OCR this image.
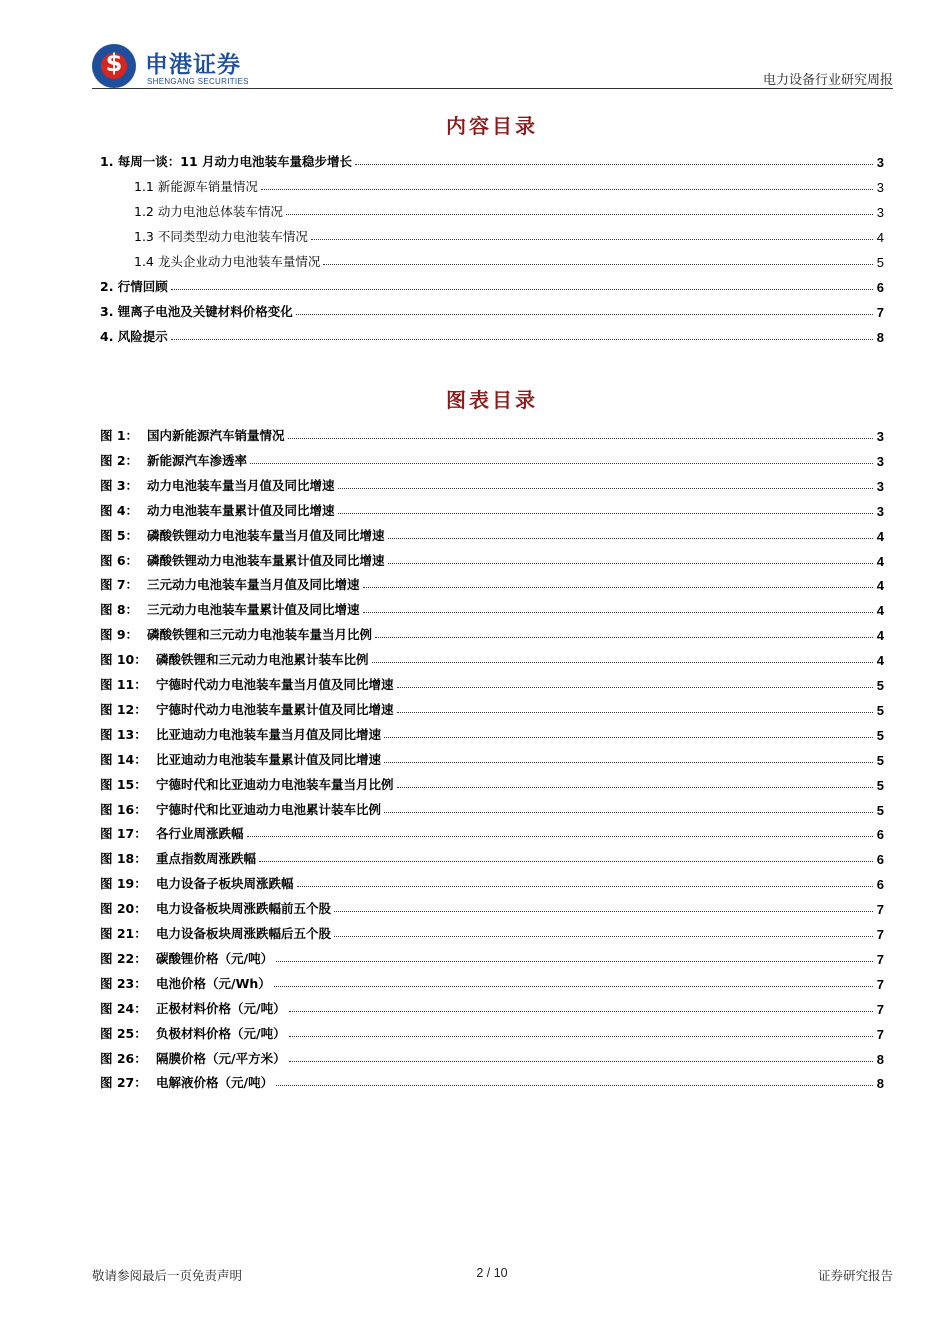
$ 申港证券
SHENGANG SECURITIES	电力设备行业研究周报
内容目录
1. 每周一谈：11 月动力电池装车量稳步增长	3
1.1 新能源车销量情况	3
1.2 动力电池总体装车情况	3
1.3 不同类型动力电池装车情况	4
1.4 龙头企业动力电池装车量情况	5
2. 行情回顾	6
3. 锂离子电池及关键材料价格变化	7
4. 风险提示	8
图表目录
图 1： 国内新能源汽车销量情况	3
图 2： 新能源汽车渗透率	3
图 3： 动力电池装车量当月值及同比增速	3
图 4： 动力电池装车量累计值及同比增速	3
图 5： 磷酸铁锂动力电池装车量当月值及同比增速	4
图 6： 磷酸铁锂动力电池装车量累计值及同比增速	4
图 7： 三元动力电池装车量当月值及同比增速	4
图 8： 三元动力电池装车量累计值及同比增速	4
图 9： 磷酸铁锂和三元动力电池装车量当月比例	4
图 10： 磷酸铁锂和三元动力电池累计装车比例	4
图 11： 宁德时代动力电池装车量当月值及同比增速	5
图 12： 宁德时代动力电池装车量累计值及同比增速	5
图 13： 比亚迪动力电池装车量当月值及同比增速	5
图 14： 比亚迪动力电池装车量累计值及同比增速	5
图 15： 宁德时代和比亚迪动力电池装车量当月比例	5
图 16： 宁德时代和比亚迪动力电池累计装车比例	5
图 17： 各行业周涨跌幅	6
图 18： 重点指数周涨跌幅	6
图 19： 电力设备子板块周涨跌幅	6
图 20： 电力设备板块周涨跌幅前五个股	7
图 21： 电力设备板块周涨跌幅后五个股	7
图 22： 碳酸锂价格（元/吨）	7
图 23： 电池价格（元/Wh）	7
图 24： 正极材料价格（元/吨）	7
图 25： 负极材料价格（元/吨）	7
图 26： 隔膜价格（元/平方米）	8
图 27： 电解液价格（元/吨）	8
敬请参阅最后一页免责声明	2 / 10	证券研究报告
